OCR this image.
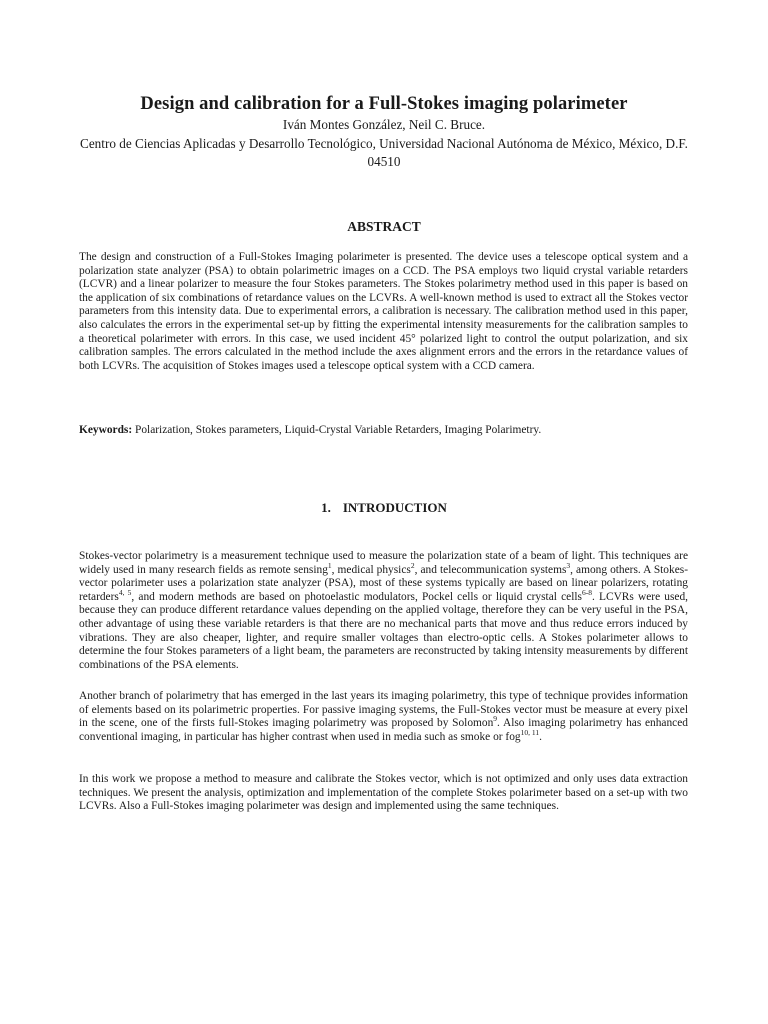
Design and calibration for a Full-Stokes imaging polarimeter
Iván Montes González, Neil C. Bruce.
Centro de Ciencias Aplicadas y Desarrollo Tecnológico, Universidad Nacional Autónoma de México, México, D.F. 04510
ABSTRACT

The design and construction of a Full-Stokes Imaging polarimeter is presented. The device uses a telescope optical system and a polarization state analyzer (PSA) to obtain polarimetric images on a CCD. The PSA employs two liquid crystal variable retarders (LCVR) and a linear polarizer to measure the four Stokes parameters. The Stokes polarimetry method used in this paper is based on the application of six combinations of retardance values on the LCVRs. A well-known method is used to extract all the Stokes vector parameters from this intensity data. Due to experimental errors, a calibration is necessary. The calibration method used in this paper, also calculates the errors in the experimental set-up by fitting the experimental intensity measurements for the calibration samples to a theoretical polarimeter with errors. In this case, we used incident 45° polarized light to control the output polarization, and six calibration samples. The errors calculated in the method include the axes alignment errors and the errors in the retardance values of both LCVRs. The acquisition of Stokes images used a telescope optical system with a CCD camera.

Keywords: Polarization, Stokes parameters, Liquid-Crystal Variable Retarders, Imaging Polarimetry.

1. INTRODUCTION

Stokes-vector polarimetry is a measurement technique used to measure the polarization state of a beam of light. This techniques are widely used in many research fields as remote sensing$^1$, medical physics$^2$, and telecommunication systems$^3$, among others. A Stokes-vector polarimeter uses a polarization state analyzer (PSA), most of these systems typically are based on linear polarizers, rotating retarders$^{4, 5}$, and modern methods are based on photoelastic modulators, Pockel cells or liquid crystal cells$^{6-8}$. LCVRs were used, because they can produce different retardance values depending on the applied voltage, therefore they can be very useful in the PSA, other advantage of using these variable retarders is that there are no mechanical parts that move and thus reduce errors induced by vibrations. They are also cheaper, lighter, and require smaller voltages than electro-optic cells. A Stokes polarimeter allows to determine the four Stokes parameters of a light beam, the parameters are reconstructed by taking intensity measurements by different combinations of the PSA elements.

Another branch of polarimetry that has emerged in the last years its imaging polarimetry, this type of technique provides information of elements based on its polarimetric properties. For passive imaging systems, the Full-Stokes vector must be measure at every pixel in the scene, one of the firsts full-Stokes imaging polarimetry was proposed by Solomon$^9$. Also imaging polarimetry has enhanced conventional imaging, in particular has higher contrast when used in media such as smoke or fog$^{10, 11}$.

In this work we propose a method to measure and calibrate the Stokes vector, which is not optimized and only uses data extraction techniques. We present the analysis, optimization and implementation of the complete Stokes polarimeter based on a set-up with two LCVRs. Also a Full-Stokes imaging polarimeter was design and implemented using the same techniques.
